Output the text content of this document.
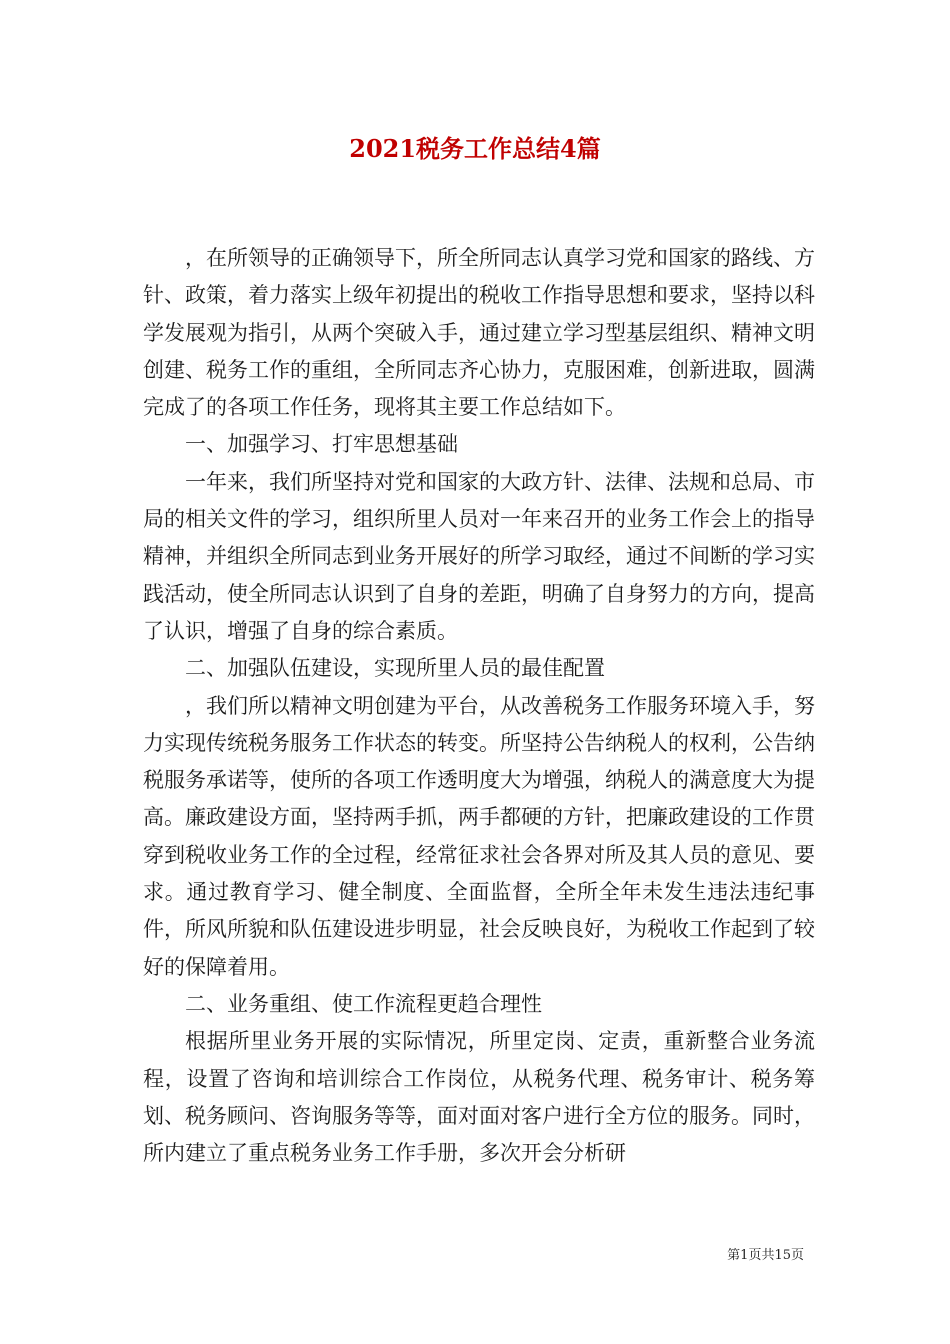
2021税务工作总结4篇

，在所领导的正确领导下，所全所同志认真学习党和国家的路线、方针、政策，着力落实上级年初提出的税收工作指导思想和要求，坚持以科学发展观为指引，从两个突破入手，通过建立学习型基层组织、精神文明创建、税务工作的重组，全所同志齐心协力，克服困难，创新进取，圆满完成了的各项工作任务，现将其主要工作总结如下。

一、加强学习、打牢思想基础

一年来，我们所坚持对党和国家的大政方针、法律、法规和总局、市局的相关文件的学习，组织所里人员对一年来召开的业务工作会上的指导精神，并组织全所同志到业务开展好的所学习取经，通过不间断的学习实践活动，使全所同志认识到了自身的差距，明确了自身努力的方向，提高了认识，增强了自身的综合素质。

二、加强队伍建设，实现所里人员的最佳配置

，我们所以精神文明创建为平台，从改善税务工作服务环境入手，努力实现传统税务服务工作状态的转变。所坚持公告纳税人的权利，公告纳税服务承诺等，使所的各项工作透明度大为增强，纳税人的满意度大为提高。廉政建设方面，坚持两手抓，两手都硬的方针，把廉政建设的工作贯穿到税收业务工作的全过程，经常征求社会各界对所及其人员的意见、要求。通过教育学习、健全制度、全面监督，全所全年未发生违法违纪事件，所风所貌和队伍建设进步明显，社会反映良好，为税收工作起到了较好的保障着用。

二、业务重组、使工作流程更趋合理性

根据所里业务开展的实际情况，所里定岗、定责，重新整合业务流程，设置了咨询和培训综合工作岗位，从税务代理、税务审计、税务筹划、税务顾问、咨询服务等等，面对面对客户进行全方位的服务。同时，所内建立了重点税务业务工作手册，多次开会分析研

第1页共15页
